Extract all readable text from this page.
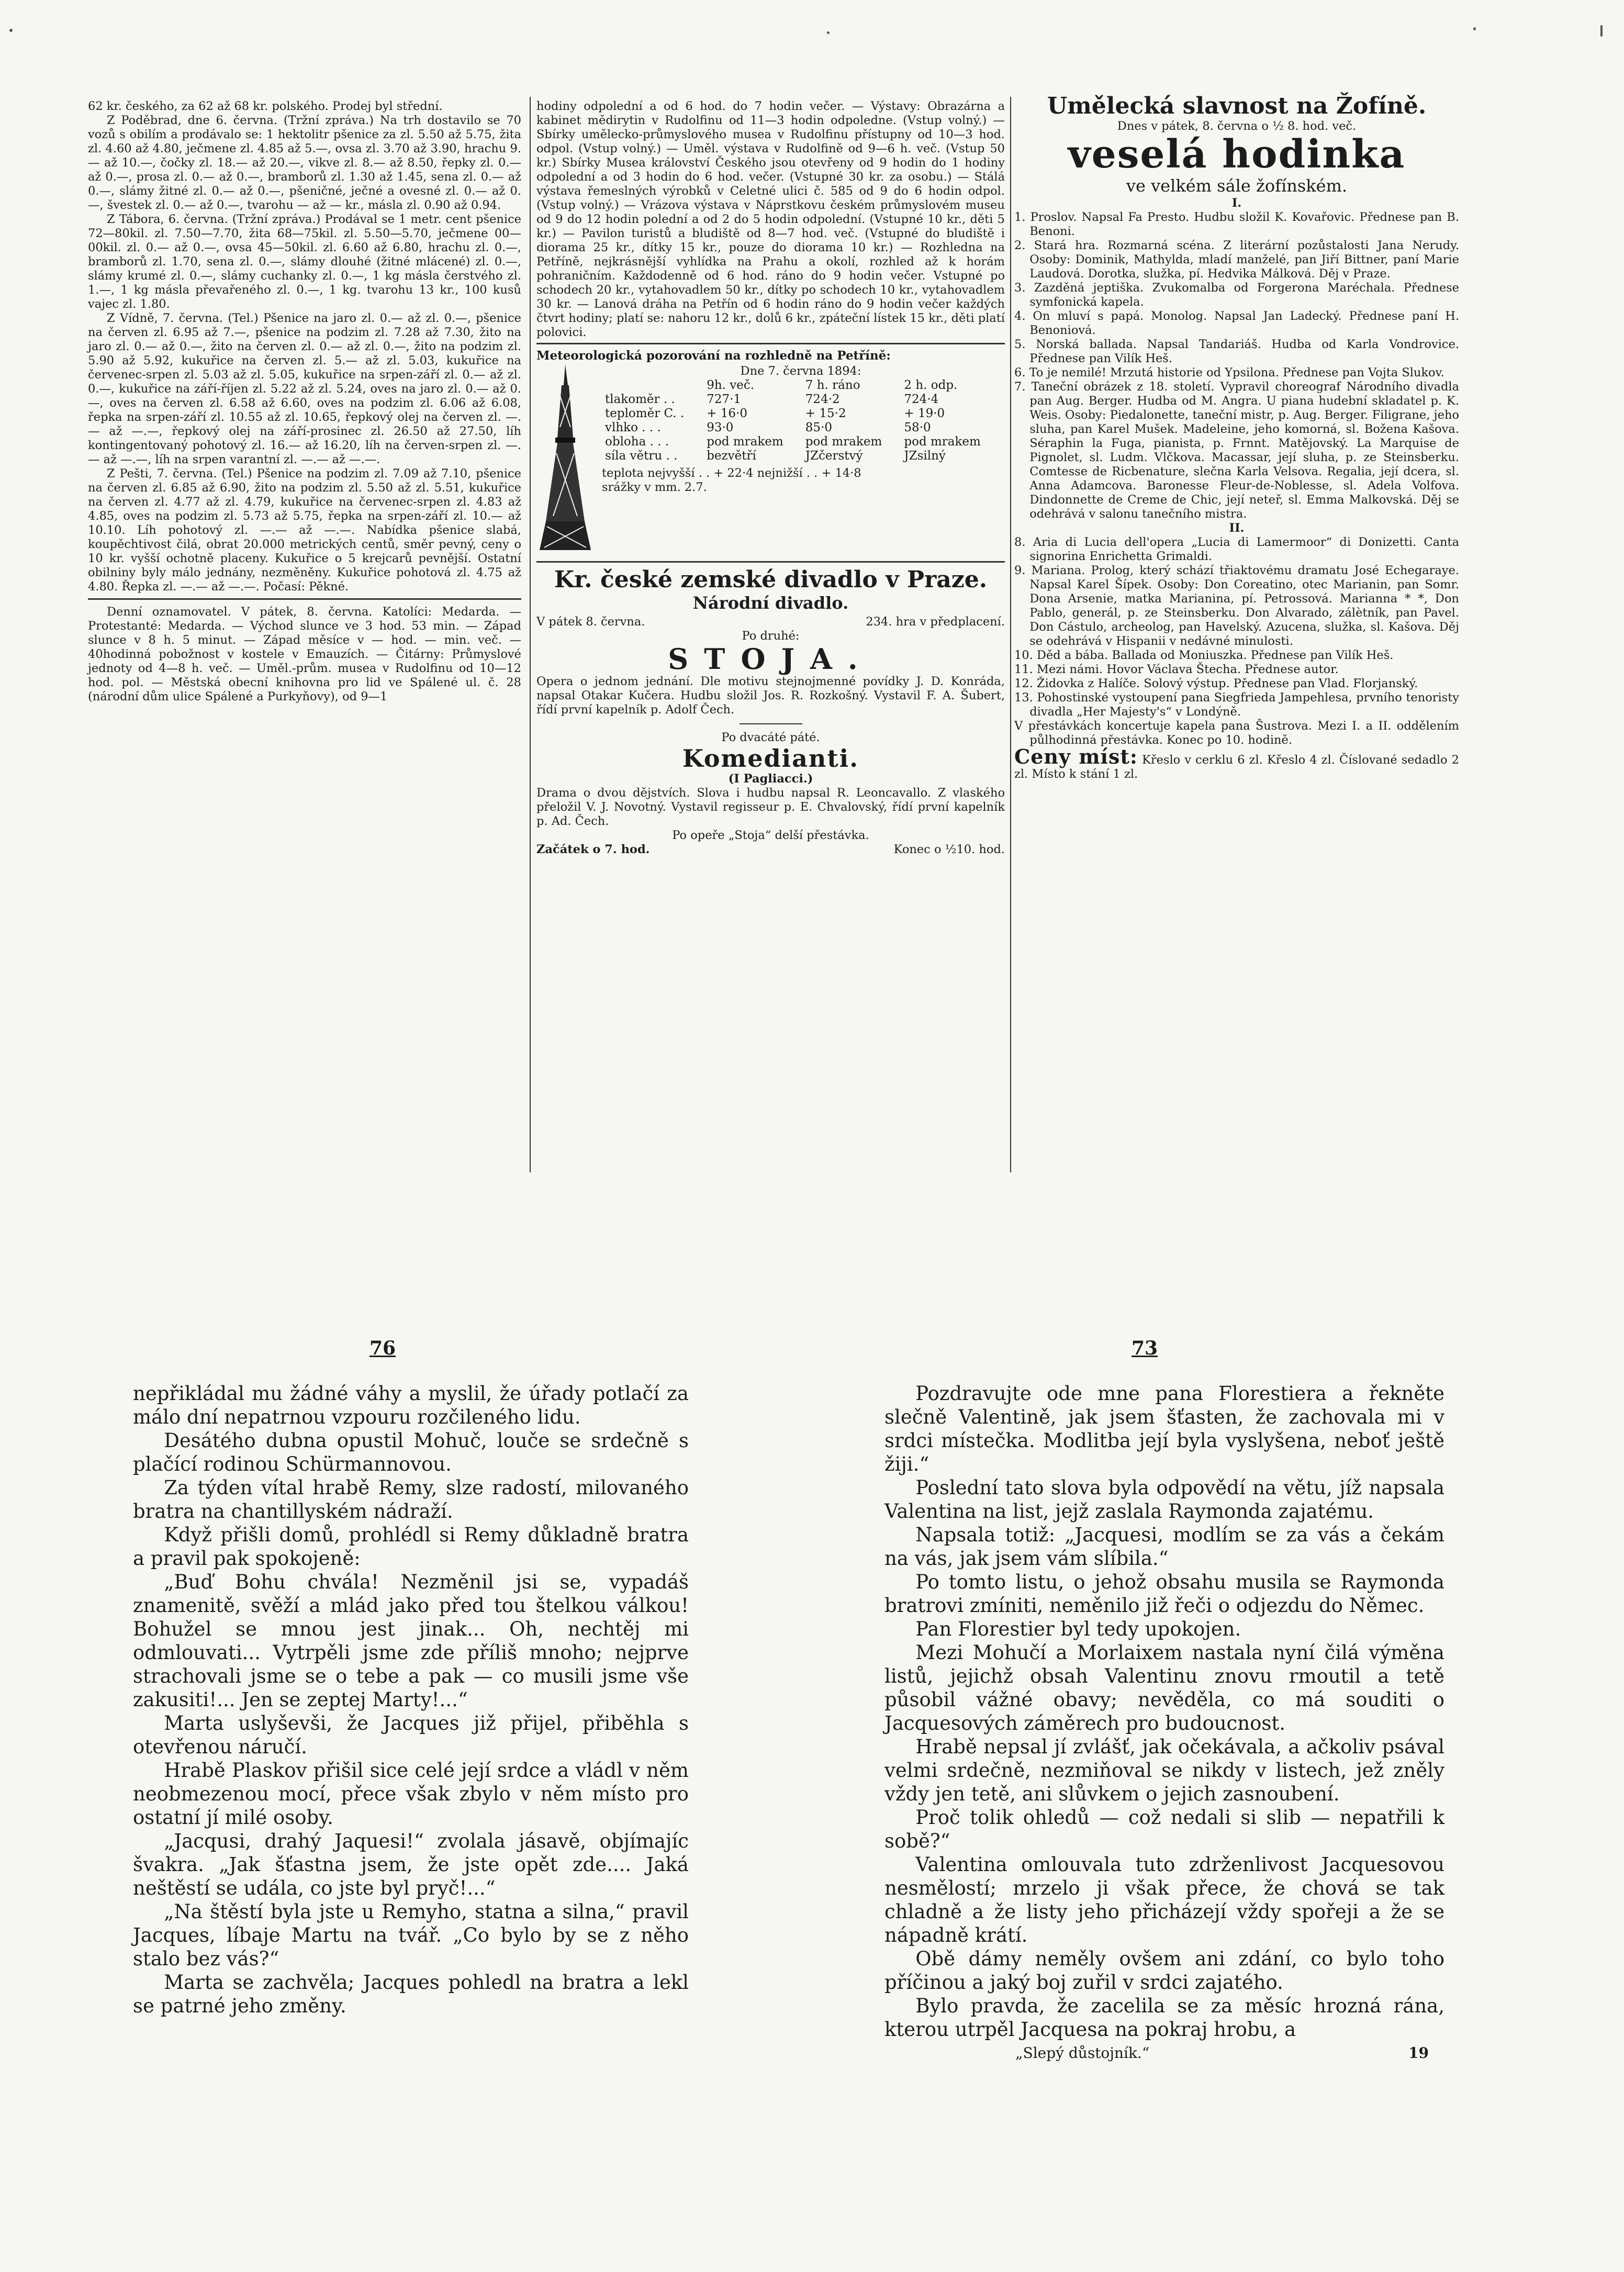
62 kr. českého, za 62 až 68 kr. polského. Prodej byl střední.

Z Poděbrad, dne 6. června. (Tržní zpráva.) Na trh dostavilo se 70 vozů s obilím a prodávalo se: 1 hektolitr pšenice za zl. 5.50 až 5.75, žita zl. 4.60 až 4.80, ječmene zl. 4.85 až 5.—, ovsa zl. 3.70 až 3.90, hrachu 9.— až 10.—, čočky zl. 18.— až 20.—, vikve zl. 8.— až 8.50, řepky zl. 0.— až 0.—, prosa zl. 0.— až 0.—, bramborů zl. 1.30 až 1.45, sena zl. 0.— až 0.—, slámy žitné zl. 0.— až 0.—, pšeničné, ječné a ovesné zl. 0.— až 0.—, švestek zl. 0.— až 0.—, tvarohu — až — kr., másla zl. 0.90 až 0.94.

Z Tábora, 6. června. (Tržní zpráva.) Prodával se 1 metr. cent pšenice 72—80kil. zl. 7.50—7.70, žita 68—75kil. zl. 5.50—5.70, ječmene 00—00kil. zl. 0.— až 0.—, ovsa 45—50kil. zl. 6.60 až 6.80, hrachu zl. 0.—, bramborů zl. 1.70, sena zl. 0.—, slámy dlouhé (žitné mlácené) zl. 0.—, slámy krumé zl. 0.—, slámy cuchanky zl. 0.—, 1 kg másla čerstvého zl. 1.—, 1 kg másla převařeného zl. 0.—, 1 kg. tvarohu 13 kr., 100 kusů vajec zl. 1.80.

Z Vídně, 7. června. (Tel.) Pšenice na jaro zl. 0.— až zl. 0.—, pšenice na červen zl. 6.95 až 7.—, pšenice na podzim zl. 7.28 až 7.30, žito na jaro zl. 0.— až 0.—, žito na červen zl. 0.— až zl. 0.—, žito na podzim zl. 5.90 až 5.92, kukuřice na červen zl. 5.— až zl. 5.03, kukuřice na červenec-srpen zl. 5.03 až zl. 5.05, kukuřice na srpen-září zl. 0.— až zl. 0.—, kukuřice na září-říjen zl. 5.22 až zl. 5.24, oves na jaro zl. 0.— až 0.—, oves na červen zl. 6.58 až 6.60, oves na podzim zl. 6.06 až 6.08, řepka na srpen-září zl. 10.55 až zl. 10.65, řepkový olej na červen zl. —.— až —.—, řepkový olej na září-prosinec zl. 26.50 až 27.50, líh kontingentovaný pohotový zl. 16.— až 16.20, líh na červen-srpen zl. —.— až —.—, líh na srpen varantní zl. —.— až —.—.

Z Pešti, 7. června. (Tel.) Pšenice na podzim zl. 7.09 až 7.10, pšenice na červen zl. 6.85 až 6.90, žito na podzim zl. 5.50 až zl. 5.51, kukuřice na červen zl. 4.77 až zl. 4.79, kukuřice na červenec-srpen zl. 4.83 až 4.85, oves na podzim zl. 5.73 až 5.75, řepka na srpen-září zl. 10.— až 10.10. Líh pohotový zl. —.— až —.—. Nabídka pšenice slabá, koupěchtivost čilá, obrat 20.000 metrických centů, směr pevný, ceny o 10 kr. vyšší ochotně placeny. Kukuřice o 5 krejcarů pevnější. Ostatní obilniny byly málo jednány, nezměněny. Kukuřice pohotová zl. 4.75 až 4.80. Řepka zl. —.— až —.—. Počasí: Pěkné.

Denní oznamovatel. V pátek, 8. června. Katolíci: Medarda. — Protestanté: Medarda. — Východ slunce ve 3 hod. 53 min. — Západ slunce v 8 h. 5 minut. — Západ měsíce v — hod. — min. več. — 40hodinná pobožnost v kostele v Emauzích. — Čitárny: Průmyslové jednoty od 4—8 h. več. — Uměl.-prům. musea v Rudolfinu od 10—12 hod. pol. — Městská obecní knihovna pro lid ve Spálené ul. č. 28 (národní dům ulice Spálené a Purkyňovy), od 9—1

hodiny odpolední a od 6 hod. do 7 hodin večer. — Výstavy: Obrazárna a kabinet mědirytin v Rudolfinu od 11—3 hodin odpoledne. (Vstup volný.) — Sbírky umělecko-průmyslového musea v Rudolfinu přístupny od 10—3 hod. odpol. (Vstup volný.) — Uměl. výstava v Rudolfině od 9—6 h. več. (Vstup 50 kr.) Sbírky Musea království Českého jsou otevřeny od 9 hodin do 1 hodiny odpolední a od 3 hodin do 6 hod. večer. (Vstupné 30 kr. za osobu.) — Stálá výstava řemeslných výrobků v Celetné ulici č. 585 od 9 do 6 hodin odpol. (Vstup volný.) — Vrázova výstava v Náprstkovu českém průmyslovém museu od 9 do 12 hodin polední a od 2 do 5 hodin odpolední. (Vstupné 10 kr., děti 5 kr.) — Pavilon turistů a bludiště od 8—7 hod. več. (Vstupné do bludiště i diorama 25 kr., dítky 15 kr., pouze do diorama 10 kr.) — Rozhledna na Petříně, nejkrásnější vyhlídka na Prahu a okolí, rozhled až k horám pohraničním. Každodenně od 6 hod. ráno do 9 hodin večer. Vstupné po schodech 20 kr., vytahovadlem 50 kr., dítky po schodech 10 kr., vytahovadlem 30 kr. — Lanová dráha na Petřín od 6 hodin ráno do 9 hodin večer každých čtvrt hodiny; platí se: nahoru 12 kr., dolů 6 kr., zpáteční lístek 15 kr., děti platí polovici.

Meteorologická pozorování na rozhledně na Petříně:

Dne 7. června 1894:

	9h. več.	7 h. ráno	2 h. odp.
tlakoměr . .	727·1	724·2	724·4
teploměr C. .	+ 16·0	+ 15·2	+ 19·0
vlhko . . .	93·0	85·0	58·0
obloha . . .	pod mrakem	pod mrakem	pod mrakem
síla větru . .	bezvětří	JZčerstvý	JZsilný

teplota nejvyšší . . + 22·4 nejnižší . . + 14·8

srážky v mm. 2.7.

Kr. české zemské divadlo v Praze.

Národní divadlo.

V pátek 8. června.	234. hra v předplacení.

Po druhé:

STOJA.

Opera o jednom jednání. Dle motivu stejnojmenné povídky J. D. Konráda, napsal Otakar Kučera. Hudbu složil Jos. R. Rozkošný. Vystavil F. A. Šubert, řídí první kapelník p. Adolf Čech.

Po dvacáté páté.

Komedianti.

(I Pagliacci.)

Drama o dvou dějstvích. Slova i hudbu napsal R. Leoncavallo. Z vlaského přeložil V. J. Novotný. Vystavil regisseur p. E. Chvalovský, řídí první kapelník p. Ad. Čech.

Po opeře „Stoja“ delší přestávka.

Začátek o 7. hod.	Konec o ½10. hod.

Umělecká slavnost na Žofíně.

Dnes v pátek, 8. června o ½ 8. hod. več.

veselá hodinka

ve velkém sále žofínském.

I.

1. Proslov. Napsal Fa Presto. Hudbu složil K. Kovařovic. Přednese pan B. Benoni.

2. Stará hra. Rozmarná scéna. Z literární pozůstalosti Jana Nerudy. Osoby: Dominik, Mathylda, mladí manželé, pan Jiří Bittner, paní Marie Laudová. Dorotka, služka, pí. Hedvika Málková. Děj v Praze.

3. Zazděná jeptiška. Zvukomalba od Forgerona Maréchala. Přednese symfonická kapela.

4. On mluví s papá. Monolog. Napsal Jan Ladecký. Přednese paní H. Benoniová.

5. Norská ballada. Napsal Tandariáš. Hudba od Karla Vondrovice. Přednese pan Vilík Heš.

6. To je nemilé! Mrzutá historie od Ypsilona. Přednese pan Vojta Slukov.

7. Taneční obrázek z 18. století. Vypravil choreograf Národního divadla pan Aug. Berger. Hudba od M. Angra. U piana hudební skladatel p. K. Weis. Osoby: Piedalonette, taneční mistr, p. Aug. Berger. Filigrane, jeho sluha, pan Karel Mušek. Madeleine, jeho komorná, sl. Božena Kašova. Séraphin la Fuga, pianista, p. Frnnt. Matějovský. La Marquise de Pignolet, sl. Ludm. Vlčkova. Macassar, její sluha, p. ze Steinsberku. Comtesse de Ricbenature, slečna Karla Velsova. Regalia, její dcera, sl. Anna Adamcova. Baronesse Fleur-de-Noblesse, sl. Adela Volfova. Dindonnette de Creme de Chic, její neteř, sl. Emma Malkovská. Děj se odehrává v salonu tanečního mistra.

II.

8. Aria di Lucia dell'opera „Lucia di Lamermoor“ di Donizetti. Canta signorina Enrichetta Grimaldi.

9. Mariana. Prolog, který schází třiaktovému dramatu José Echegaraye. Napsal Karel Šípek. Osoby: Don Coreatino, otec Marianin, pan Somr. Dona Arsenie, matka Marianina, pí. Petrossová. Marianna * *, Don Pablo, generál, p. ze Steinsberku. Don Alvarado, zálètník, pan Pavel. Don Cástulo, archeolog, pan Havelský. Azucena, služka, sl. Kašova. Děj se odehrává v Hispanii v nedávné minulosti.

10. Děd a bába. Ballada od Moniuszka. Přednese pan Vilík Heš.

11. Mezi námi. Hovor Václava Štecha. Přednese autor.

12. Židovka z Halíče. Solový výstup. Přednese pan Vlad. Florjanský.

13. Pohostinské vystoupení pana Siegfrieda Jampehlesa, prvního tenoristy divadla „Her Majesty's“ v Londýně.

V přestávkách koncertuje kapela pana Šustrova. Mezi I. a II. oddělením půlhodinná přestávka. Konec po 10. hodině.

Ceny míst: Křeslo v cerklu 6 zl. Křeslo 4 zl. Číslované sedadlo 2 zl. Místo k stání 1 zl.

76	73

nepřikládal mu žádné váhy a myslil, že úřady potlačí za málo dní nepatrnou vzpouru rozčileného lidu.

Desátého dubna opustil Mohuč, louče se srdečně s plačící rodinou Schürmannovou.

Za týden vítal hrabě Remy, slze radostí, milovaného bratra na chantillyském nádraží.

Když přišli domů, prohlédl si Remy důkladně bratra a pravil pak spokojeně:

„Buď Bohu chvála! Nezměnil jsi se, vypadáš znamenitě, svěží a mlád jako před tou štelkou válkou! Bohužel se mnou jest jinak... Oh, nechtěj mi odmlouvati... Vytrpěli jsme zde příliš mnoho; nejprve strachovali jsme se o tebe a pak — co musili jsme vše zakusiti!... Jen se zeptej Marty!...“

Marta uslyševši, že Jacques již přijel, přiběhla s otevřenou náručí.

Hrabě Plaskov přišil sice celé její srdce a vládl v něm neobmezenou mocí, přece však zbylo v něm místo pro ostatní jí milé osoby.

„Jacqusi, drahý Jaquesi!“ zvolala jásavě, objímajíc švakra. „Jak šťastna jsem, že jste opět zde.... Jaká neštěstí se udála, co jste byl pryč!...“

„Na štěstí byla jste u Remyho, statna a silna,“ pravil Jacques, líbaje Martu na tvář. „Co bylo by se z něho stalo bez vás?“

Marta se zachvěla; Jacques pohledl na bratra a lekl se patrné jeho změny.

Pozdravujte ode mne pana Florestiera a řekněte slečně Valentině, jak jsem šťasten, že zachovala mi v srdci místečka. Modlitba její byla vyslyšena, neboť ještě žiji.“

Poslední tato slova byla odpovědí na větu, jíž napsala Valentina na list, jejž zaslala Raymonda zajatému.

Napsala totiž: „Jacquesi, modlím se za vás a čekám na vás, jak jsem vám slíbila.“

Po tomto listu, o jehož obsahu musila se Raymonda bratrovi zmíniti, neměnilo již řeči o odjezdu do Němec.

Pan Florestier byl tedy upokojen.

Mezi Mohučí a Morlaixem nastala nyní čilá výměna listů, jejichž obsah Valentinu znovu rmoutil a tetě působil vážné obavy; nevěděla, co má souditi o Jacquesových záměrech pro budoucnost.

Hrabě nepsal jí zvlášť, jak očekávala, a ačkoliv psával velmi srdečně, nezmiňoval se nikdy v listech, jež zněly vždy jen tetě, ani slůvkem o jejich zasnoubení.

Proč tolik ohledů — což nedali si slib — nepatřili k sobě?“

Valentina omlouvala tuto zdrženlivost Jacquesovou nesmělostí; mrzelo ji však přece, že chová se tak chladně a že listy jeho přicházejí vždy spořeji a že se nápadně krátí.

Obě dámy neměly ovšem ani zdání, co bylo toho příčinou a jaký boj zuřil v srdci zajatého.

Bylo pravda, že zacelila se za měsíc hrozná rána, kterou utrpěl Jacquesa na pokraj hrobu, a

„Slepý důstojník.“	19
